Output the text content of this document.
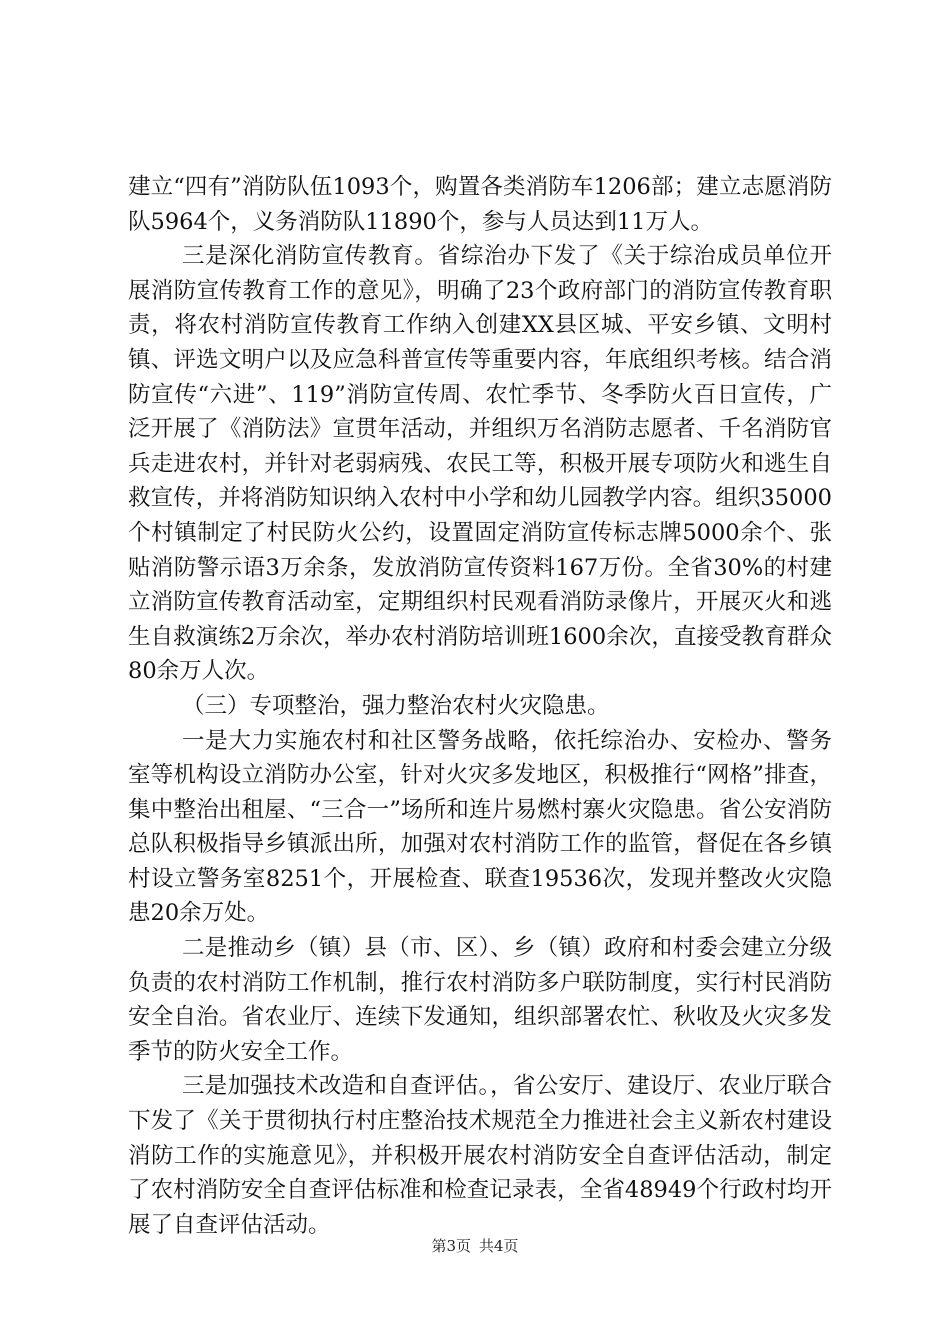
建立“四有”消防队伍1093个，购置各类消防车1206部；建立志愿消防队5964个，义务消防队11890个，参与人员达到11万人。

三是深化消防宣传教育。省综治办下发了《关于综治成员单位开展消防宣传教育工作的意见》，明确了23个政府部门的消防宣传教育职责，将农村消防宣传教育工作纳入创建XX县区城、平安乡镇、文明村镇、评选文明户以及应急科普宣传等重要内容，年底组织考核。结合消防宣传“六进”、119”消防宣传周、农忙季节、冬季防火百日宣传，广泛开展了《消防法》宣贯年活动，并组织万名消防志愿者、千名消防官兵走进农村，并针对老弱病残、农民工等，积极开展专项防火和逃生自救宣传，并将消防知识纳入农村中小学和幼儿园教学内容。组织35000个村镇制定了村民防火公约，设置固定消防宣传标志牌5000余个、张贴消防警示语3万余条，发放消防宣传资料167万份。全省30%的村建立消防宣传教育活动室，定期组织村民观看消防录像片，开展灭火和逃生自救演练2万余次，举办农村消防培训班1600余次，直接受教育群众80余万人次。

（三）专项整治，强力整治农村火灾隐患。

一是大力实施农村和社区警务战略，依托综治办、安检办、警务室等机构设立消防办公室，针对火灾多发地区，积极推行“网格”排查，集中整治出租屋、“三合一”场所和连片易燃村寨火灾隐患。省公安消防总队积极指导乡镇派出所，加强对农村消防工作的监管，督促在各乡镇村设立警务室8251个，开展检查、联查19536次，发现并整改火灾隐患20余万处。

二是推动乡（镇）县（市、区）、乡（镇）政府和村委会建立分级负责的农村消防工作机制，推行农村消防多户联防制度，实行村民消防安全自治。省农业厅、连续下发通知，组织部署农忙、秋收及火灾多发季节的防火安全工作。

三是加强技术改造和自查评估。，省公安厅、建设厅、农业厅联合下发了《关于贯彻执行村庄整治技术规范全力推进社会主义新农村建设消防工作的实施意见》，并积极开展农村消防安全自查评估活动，制定了农村消防安全自查评估标准和检查记录表，全省48949个行政村均开展了自查评估活动。

第3页 共4页
